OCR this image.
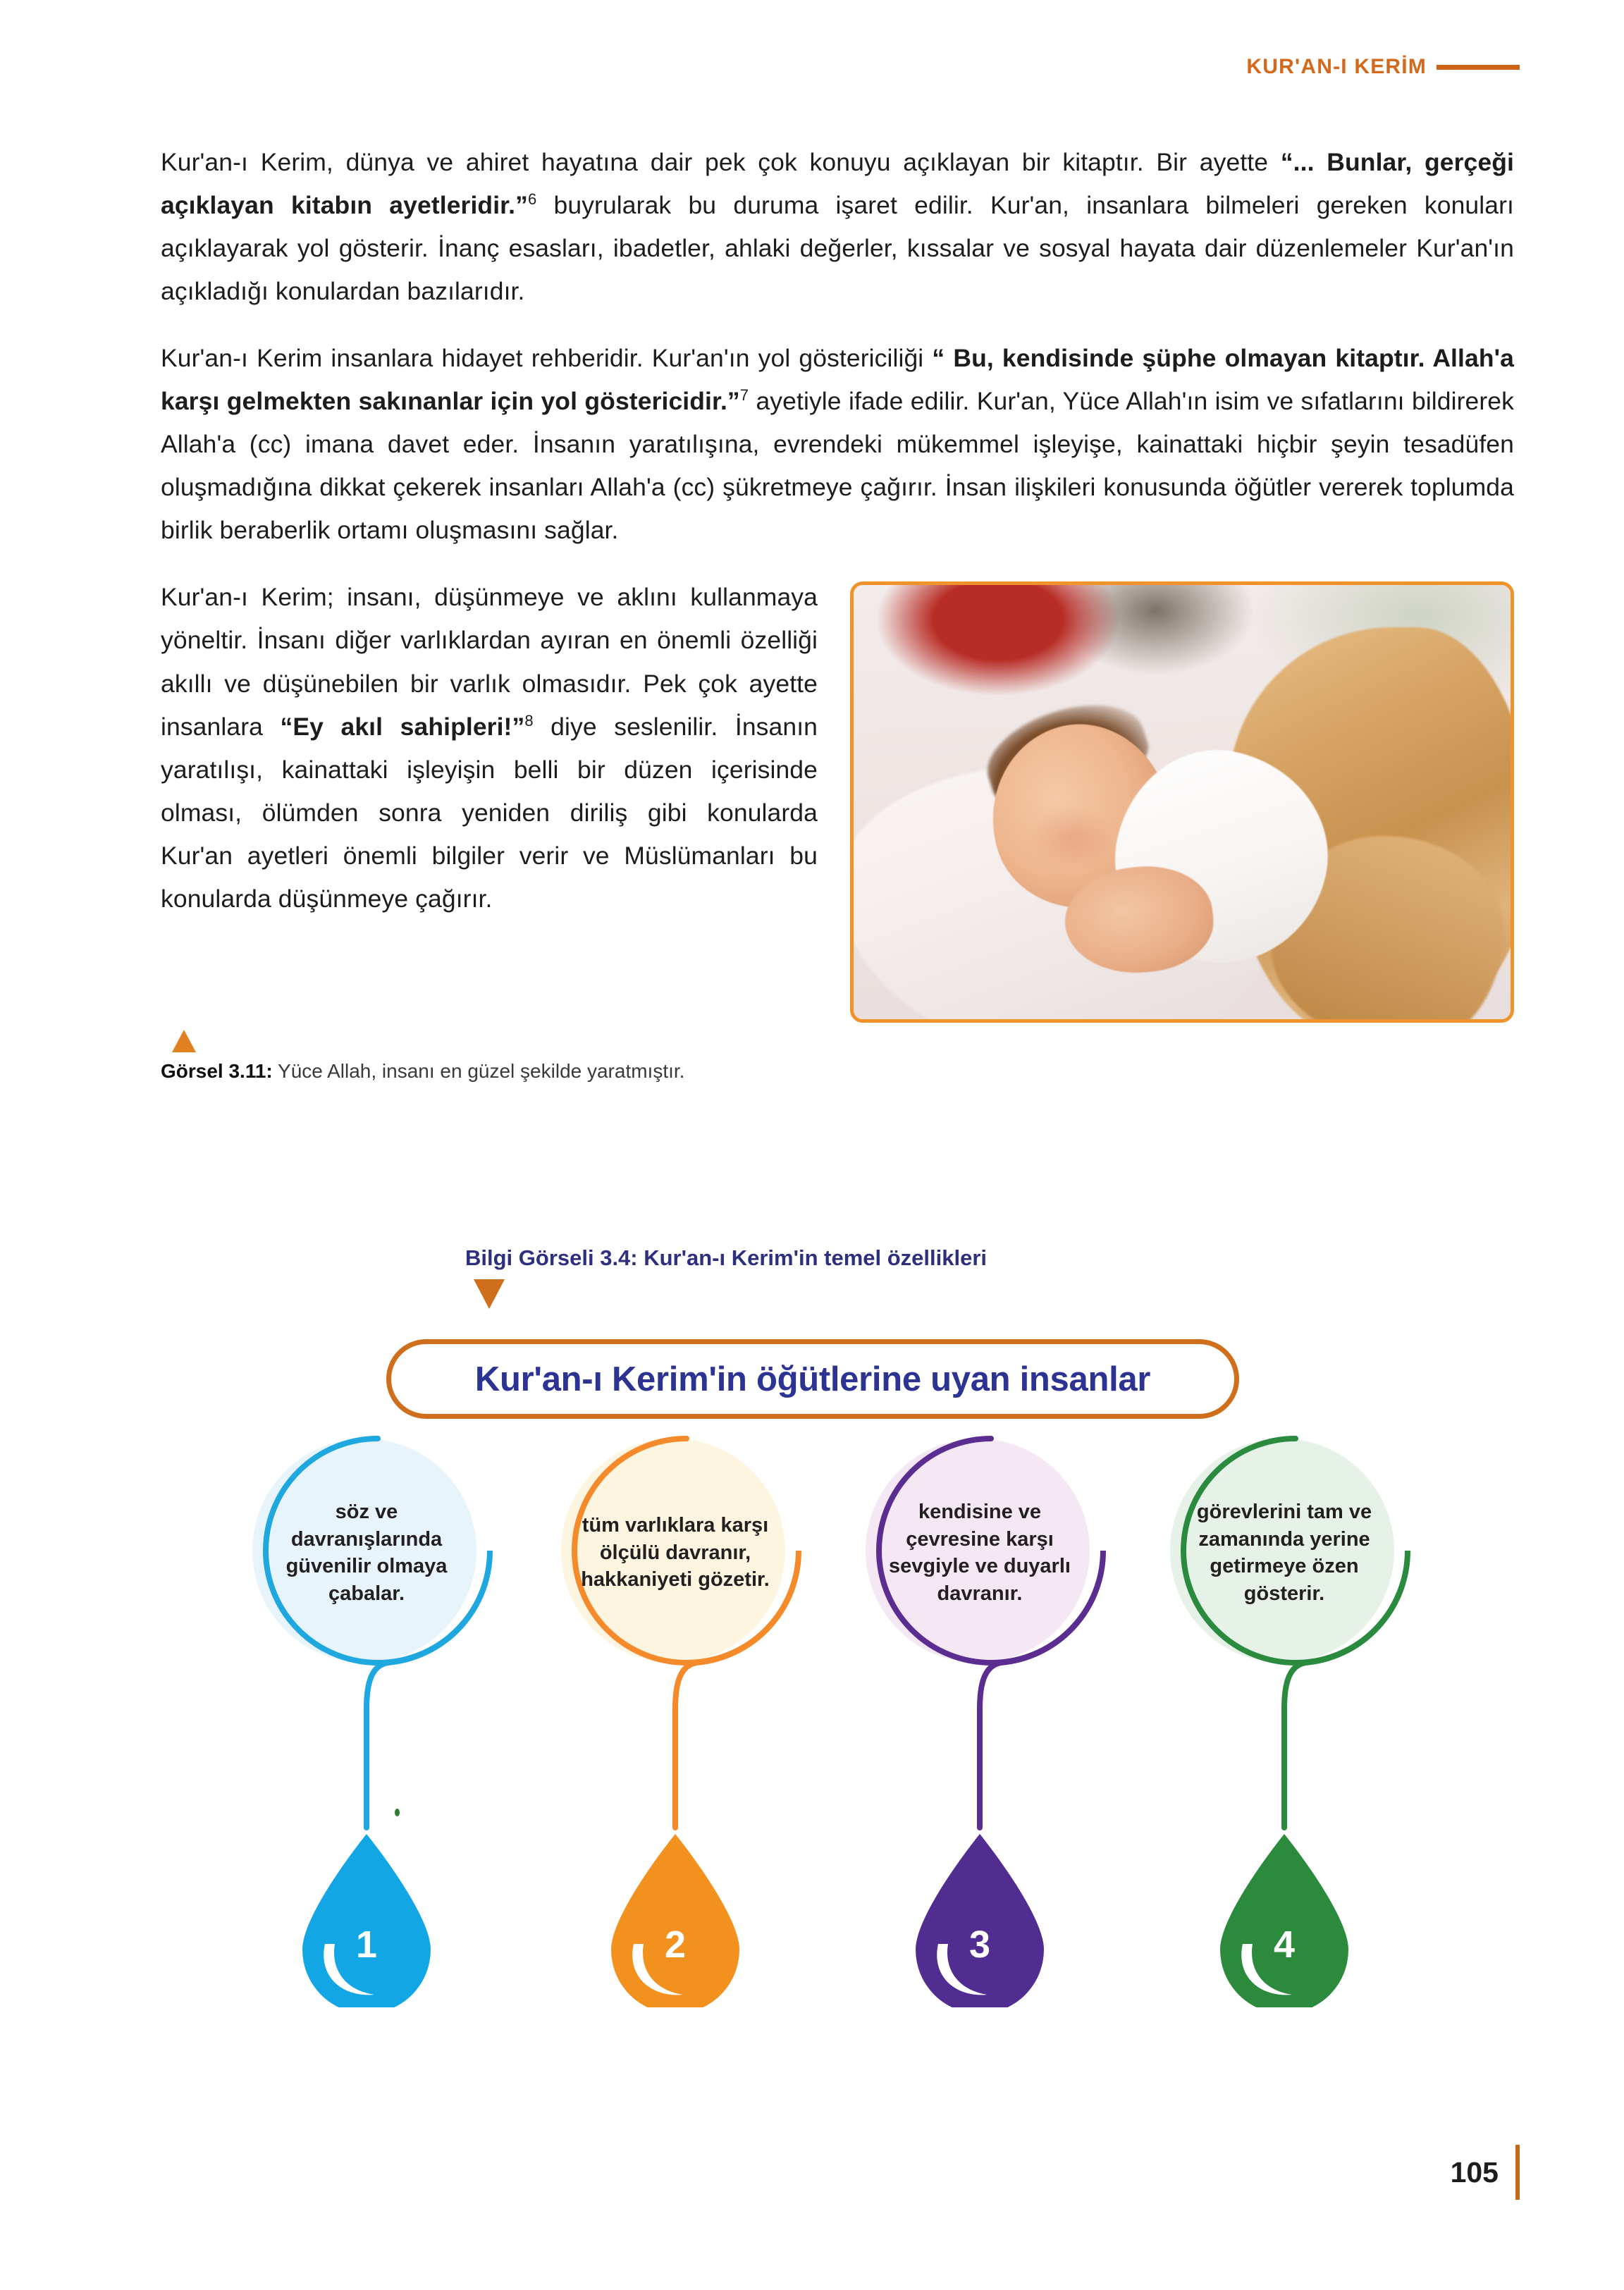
KUR'AN-I KERİM

Kur'an-ı Kerim, dünya ve ahiret hayatına dair pek çok konuyu açıklayan bir kitaptır. Bir ayette “... Bunlar, gerçeği açıklayan kitabın ayetleridir.”$^6$ buyrularak bu duruma işaret edilir. Kur'an, insanlara bilmeleri gereken konuları açıklayarak yol gösterir. İnanç esasları, ibadetler, ahlaki değerler, kıssalar ve sosyal hayata dair düzenlemeler Kur'an'ın açıkladığı konulardan bazılarıdır.

Kur'an-ı Kerim insanlara hidayet rehberidir. Kur'an'ın yol göstericiliği “ Bu, kendisinde şüphe olmayan kitaptır. Allah'a karşı gelmekten sakınanlar için yol göstericidir.”$^7$ ayetiyle ifade edilir. Kur'an, Yüce Allah'ın isim ve sıfatlarını bildirerek Allah'a (cc) imana davet eder. İnsanın yaratılışına, evrendeki mükemmel işleyişe, kainattaki hiçbir şeyin tesadüfen oluşmadığına dikkat çekerek insanları Allah'a (cc) şükretmeye çağırır. İnsan ilişkileri konusunda öğütler vererek toplumda birlik beraberlik ortamı oluşmasını sağlar.

Kur'an-ı Kerim; insanı, düşünmeye ve aklını kullanmaya yöneltir. İnsanı diğer varlıklardan ayıran en önemli özelliği akıllı ve düşünebilen bir varlık olmasıdır. Pek çok ayette insanlara “Ey akıl sahipleri!”$^8$ diye seslenilir. İnsanın yaratılışı, kainattaki işleyişin belli bir düzen içerisinde olması, ölümden sonra yeniden diriliş gibi konularda Kur'an ayetleri önemli bilgiler verir ve Müslümanları bu konularda düşünmeye çağırır.

Görsel 3.11: Yüce Allah, insanı en güzel şekilde yaratmıştır.
Bilgi Görseli 3.4: Kur'an-ı Kerim'in temel özellikleri
Kur'an-ı Kerim'in öğütlerine uyan insanlar
söz ve davranışlarında güvenilir olmaya çabalar.
1
tüm varlıklara karşı ölçülü davranır, hakkaniyeti gözetir.
2
kendisine ve çevresine karşı sevgiyle ve duyarlı davranır.
3
görevlerini tam ve zamanında yerine getirmeye özen gösterir.
4
105
